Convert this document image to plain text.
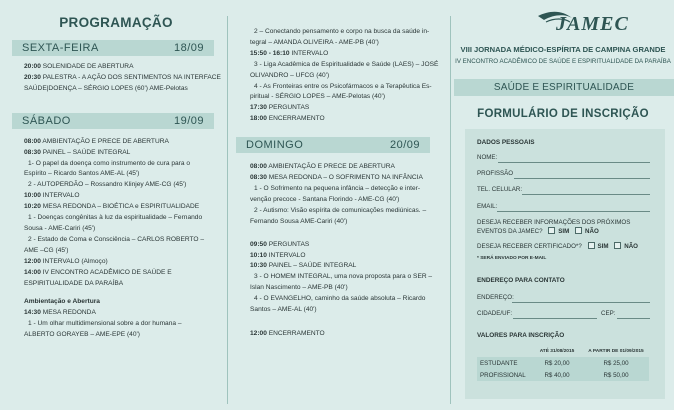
PROGRAMAÇÃO
SEXTA-FEIRA	18/09
20:00 SOLENIDADE DE ABERTURA
20:30 PALESTRA - A AÇÃO DOS SENTIMENTOS NA INTERFACE
SAÚDE|DOENÇA – SÉRGIO LOPES (60') AME-Pelotas
SÁBADO	19/09
08:00 AMBIENTAÇÃO E PRECE DE ABERTURA
08:30 PAINEL – SAÚDE INTEGRAL
1- O papel da doença como instrumento de cura para o
Espírito – Ricardo Santos AME-AL (45')
2 - AUTOPERDÃO – Rossandro Klinjey AME-CG (45')
10:00 INTERVALO
10:20 MESA REDONDA – BIOÉTICA e ESPIRITUALIDADE
1 - Doenças congênitas à luz da espiritualidade – Fernando
Sousa - AME-Cariri (45')
2 - Estado de Coma e Consciência – CARLOS ROBERTO –
AME –CG (45')
12:00 INTERVALO (Almoço)
14:00 IV ENCONTRO ACADÊMICO DE SAÚDE E
ESPIRITUALIDADE DA PARAÍBA
Ambientação e Abertura
14:30 MESA REDONDA
1 - Um olhar multidimensional sobre a dor humana –
ALBERTO GORAYEB – AME-EPE (40')
2 – Conectando pensamento e corpo na busca da saúde in-
tegral – AMANDA OLIVEIRA - AME-PB (40')
15:50 - 16:10 INTERVALO
3 - Liga Acadêmica de Espiritualidade e Saúde (LAES) – JOSÉ
OLIVANDRO – UFCG (40')
4 - As Fronteiras entre os Psicofármacos e a Terapêutica Es-
piritual - SÉRGIO LOPES – AME-Pelotas (40')
17:30 PERGUNTAS
18:00 ENCERRAMENTO
DOMINGO	20/09
08:00 AMBIENTAÇÃO E PRECE DE ABERTURA
08:30 MESA REDONDA – O SOFRIMENTO NA INFÂNCIA
1 - O Sofrimento na pequena infância – detecção e inter-
venção precoce - Santana Florindo - AME-CG (40')
2 - Autismo: Visão espírita de comunicações mediúnicas. –
Fernando Sousa AME-Cariri (40')
09:50 PERGUNTAS
10:10 INTERVALO
10:30 PAINEL – SAÚDE INTEGRAL
3 - O HOMEM INTEGRAL, uma nova proposta para o SER –
Islan Nascimento – AME-PB (40')
4 - O EVANGELHO, caminho da saúde absoluta – Ricardo
Santos – AME-AL (40')
12:00 ENCERRAMENTO
JAMEC
VIII JORNADA MÉDICO-ESPÍRITA DE CAMPINA GRANDE
IV ENCONTRO ACADÊMICO DE SAÚDE E ESPIRITUALIDADE DA PARAÍBA
SAÚDE E ESPIRITUALIDADE
FORMULÁRIO DE INSCRIÇÃO
DADOS PESSOAIS
NOME:
PROFISSÃO
TEL. CELULAR:
EMAIL:
DESEJA RECEBER INFORMAÇÕES DOS PRÓXIMOS
EVENTOS DA JAMEC?	SIM	NÃO
DESEJA RECEBER CERTIFICADO*?	SIM	NÃO
* SERÁ ENVIADO POR E-MAIL
ENDEREÇO PARA CONTATO
ENDEREÇO:
CIDADE/UF:	CEP:
VALORES PARA INSCRIÇÃO
	ATÉ 31/08/2015	A PARTIR DE 01/09/2015
ESTUDANTE	R$ 20,00	R$ 25,00
PROFISSIONAL	R$ 40,00	R$ 50,00
